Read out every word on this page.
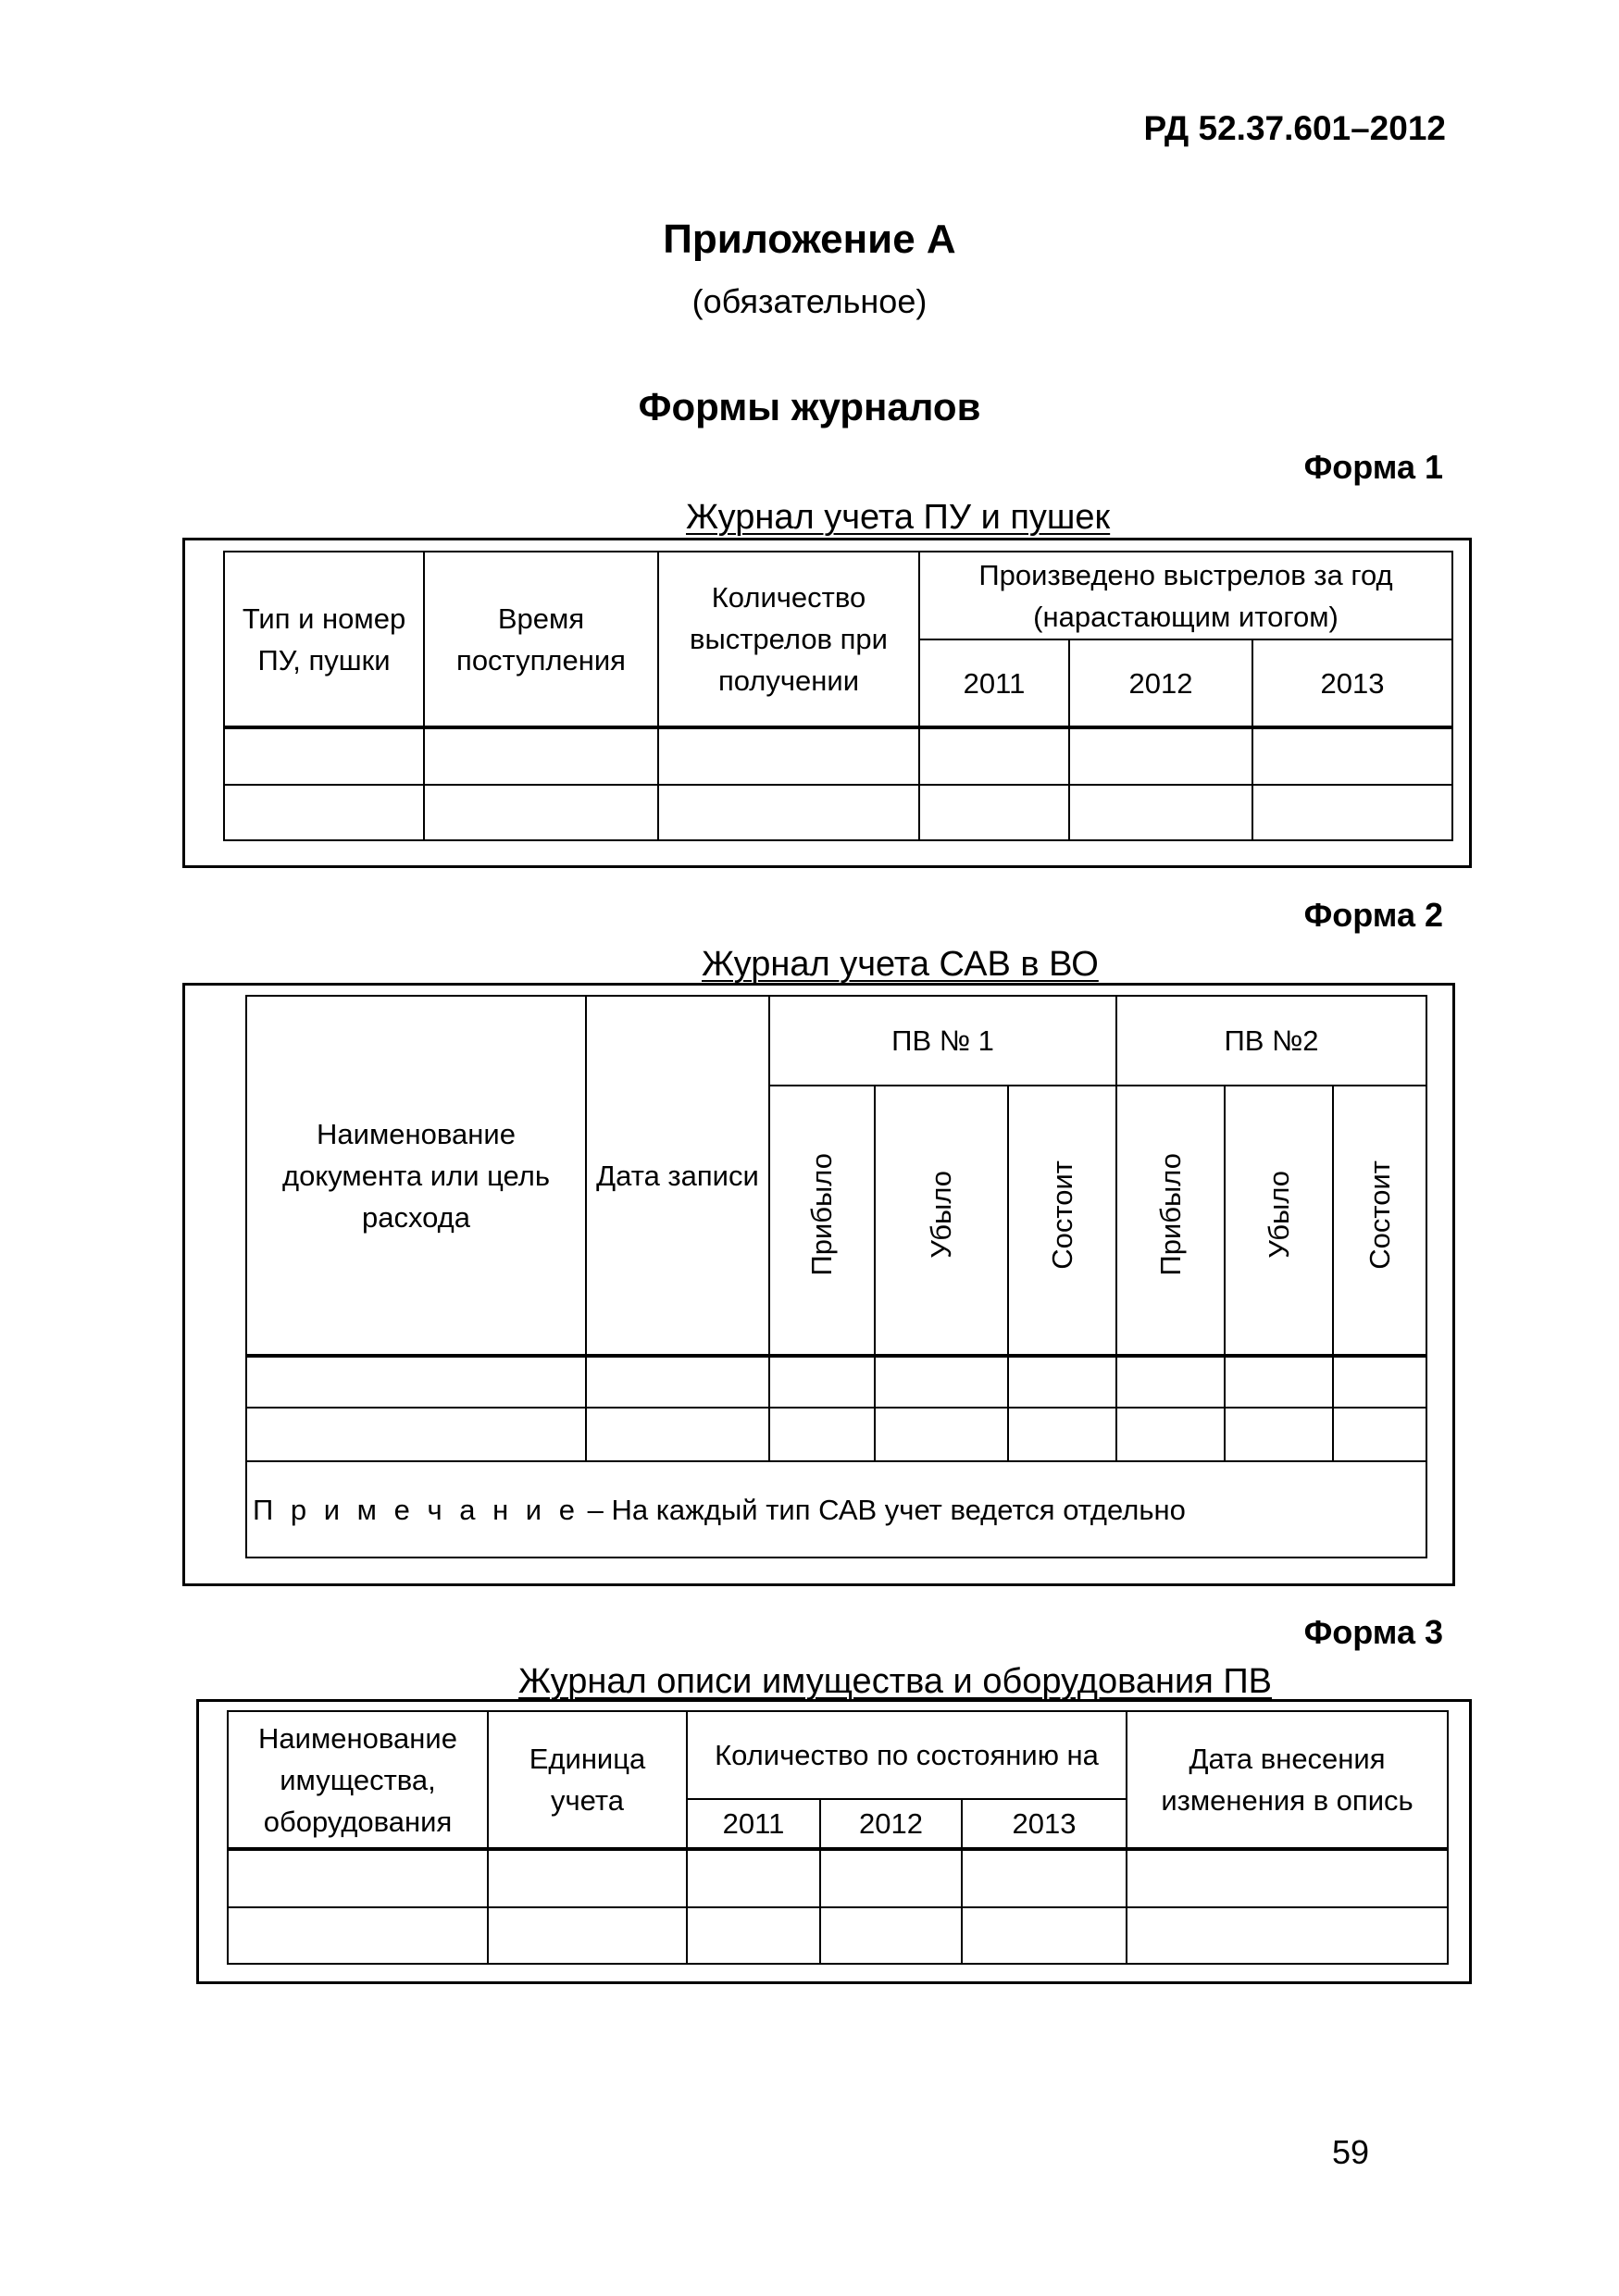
РД 52.37.601–2012
Приложение А
(обязательное)
Формы журналов
Форма 1
Журнал учета ПУ и пушек
Тип и номер ПУ, пушки	Время поступления	Количество выстрелов при получении	Произведено выстрелов за год (нарастающим итогом)		
			2011	2012	2013

Форма 2
Журнал учета САВ в ВО
Наименование документа или цель расхода	Дата записи	ПВ № 1			ПВ №2		
		Прибыло	Убыло	Состоит	Прибыло	Убыло	Состоит

П р и м е ч а н и е – На каждый тип САВ учет ведется отдельно							
Форма 3
Журнал описи имущества и оборудования ПВ
Наименование имущества, оборудования	Единица учета	Количество по состоянию на			Дата внесения изменения в опись
		2011	2012	2013	

59
